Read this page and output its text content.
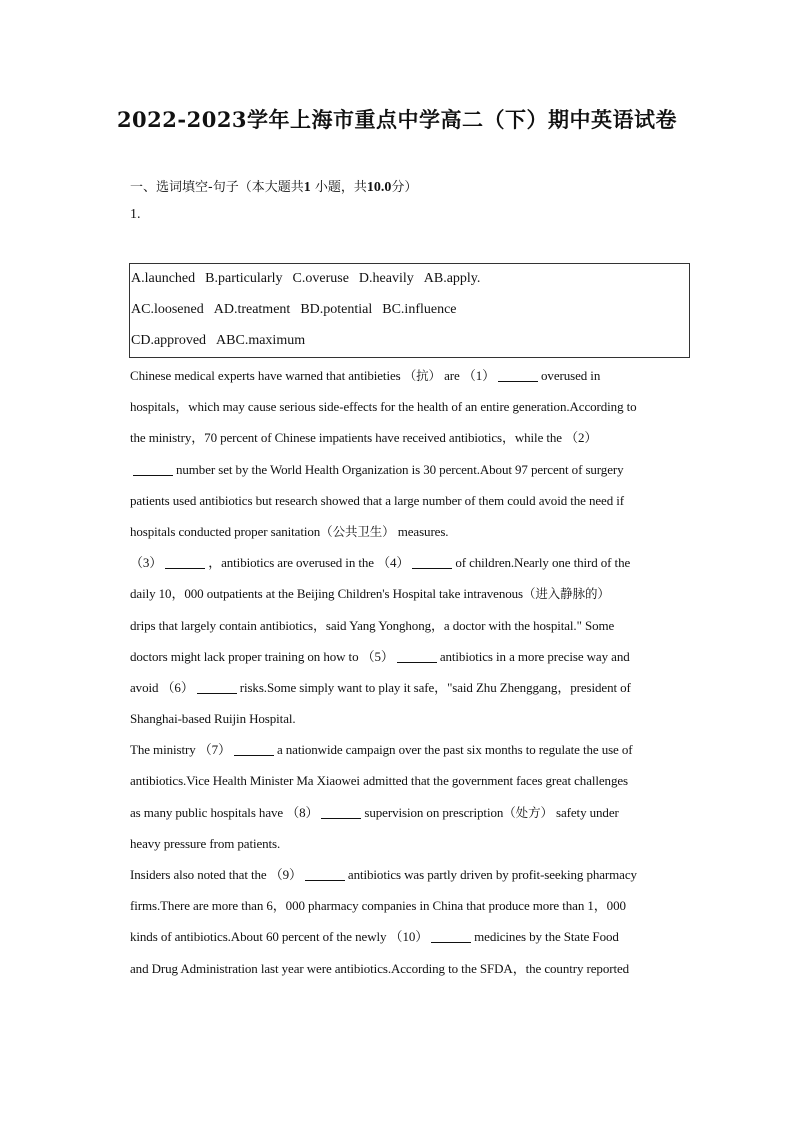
2022-2023学年上海市重点中学高二（下）期中英语试卷
一、选词填空-句子（本大题共1 小题，共10.0分）
1.
A.launched B.particularly C.overuse D.heavily AB.apply.
AC.loosened AD.treatment BD.potential BC.influence
CD.approved ABC.maximum
Chinese medical experts have warned that antibieties （抗） are （1）	overused in
hospitals，which may cause serious side-effects for the health of an entire generation.According to
the ministry，70 percent of Chinese impatients have received antibiotics，while the （2）
number set by the World Health Organization is 30 percent.About 97 percent of surgery
patients used antibiotics but research showed that a large number of them could avoid the need if
hospitals conducted proper sanitation（公共卫生） measures.
（3）	，antibiotics are overused in the （4）	of children.Nearly one third of the
daily 10，000 outpatients at the Beijing Children's Hospital take intravenous（进入静脉的）
drips that largely contain antibiotics，said Yang Yonghong，a doctor with the hospital." Some
doctors might lack proper training on how to （5）	antibiotics in a more precise way and
avoid （6）	risks.Some simply want to play it safe，"said Zhu Zhenggang，president of
Shanghai-based Ruijin Hospital.
The ministry （7）	a nationwide campaign over the past six months to regulate the use of
antibiotics.Vice Health Minister Ma Xiaowei admitted that the government faces great challenges
as many public hospitals have （8）	supervision on prescription（处方） safety under
heavy pressure from patients.
Insiders also noted that the （9）	antibiotics was partly driven by profit-seeking pharmacy
firms.There are more than 6，000 pharmacy companies in China that produce more than 1，000
kinds of antibiotics.About 60 percent of the newly （10）	medicines by the State Food
and Drug Administration last year were antibiotics.According to the SFDA，the country reported
